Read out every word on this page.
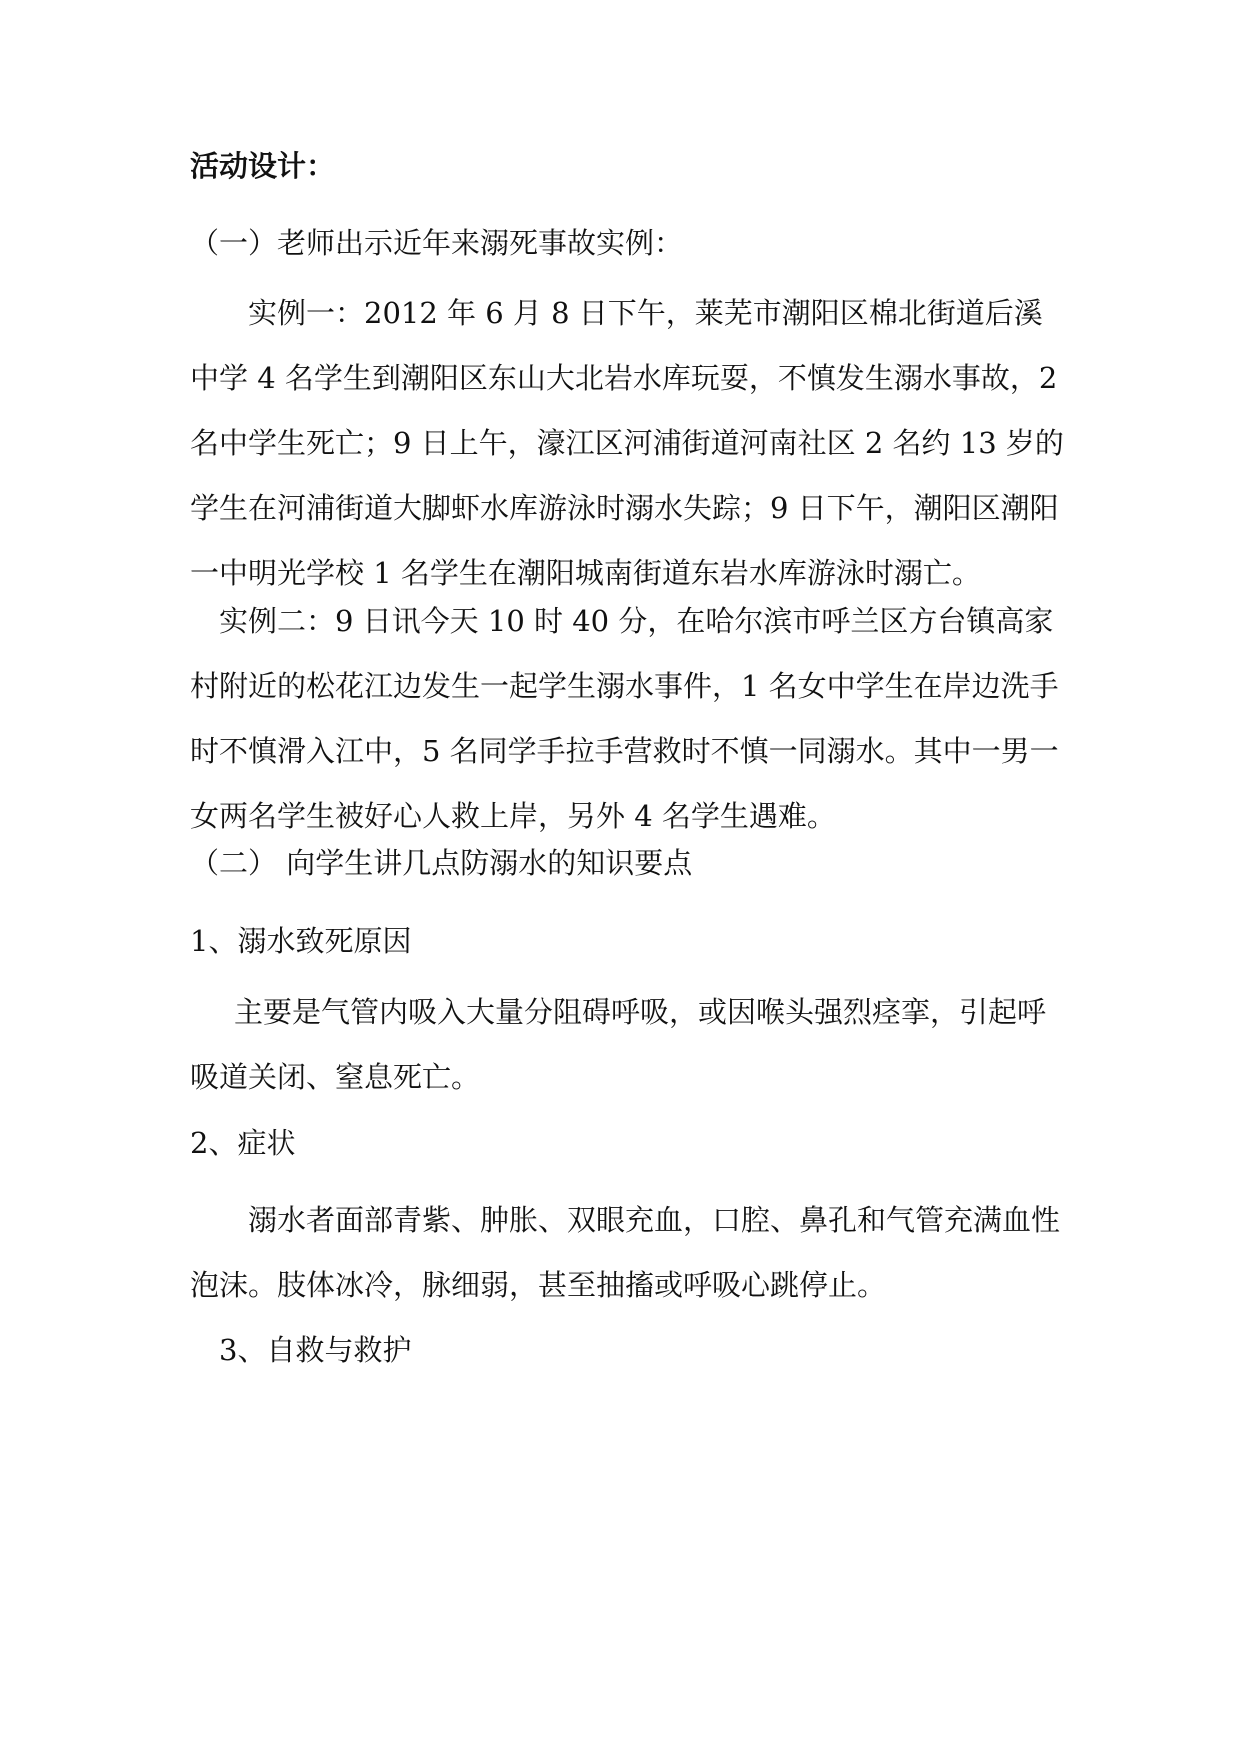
活动设计：

（一）老师出示近年来溺死事故实例：

实例一：2012 年 6 月 8 日下午，莱芜市潮阳区棉北街道后溪中学 4 名学生到潮阳区东山大北岩水库玩耍，不慎发生溺水事故，2 名中学生死亡；9 日上午，濠江区河浦街道河南社区 2 名约 13 岁的学生在河浦街道大脚虾水库游泳时溺水失踪；9 日下午，潮阳区潮阳一中明光学校 1 名学生在潮阳城南街道东岩水库游泳时溺亡。

实例二：9 日讯今天 10 时 40 分，在哈尔滨市呼兰区方台镇高家村附近的松花江边发生一起学生溺水事件，1 名女中学生在岸边洗手时不慎滑入江中，5 名同学手拉手营救时不慎一同溺水。其中一男一女两名学生被好心人救上岸，另外 4 名学生遇难。

（二） 向学生讲几点防溺水的知识要点

1、溺水致死原因

主要是气管内吸入大量分阻碍呼吸，或因喉头强烈痉挛，引起呼吸道关闭、窒息死亡。

2、症状

溺水者面部青紫、肿胀、双眼充血，口腔、鼻孔和气管充满血性泡沫。肢体冰冷，脉细弱，甚至抽搐或呼吸心跳停止。

3、自救与救护
